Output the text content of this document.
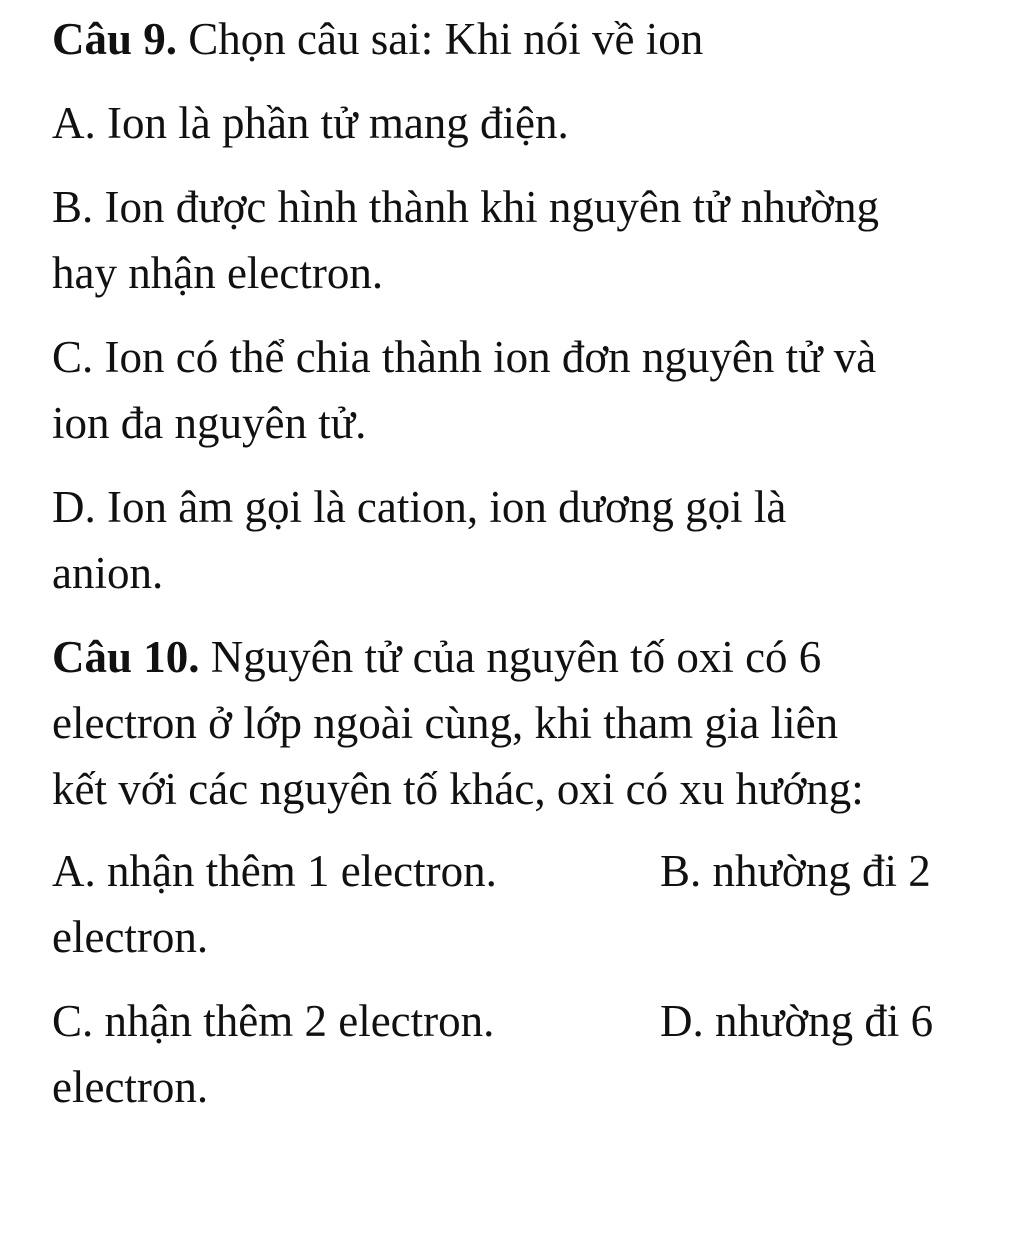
Câu 9. Chọn câu sai: Khi nói về ion
A. Ion là phần tử mang điện.
B. Ion được hình thành khi nguyên tử nhường
hay nhận electron.
C. Ion có thể chia thành ion đơn nguyên tử và
ion đa nguyên tử.
D. Ion âm gọi là cation, ion dương gọi là
anion.
Câu 10. Nguyên tử của nguyên tố oxi có 6
electron ở lớp ngoài cùng, khi tham gia liên
kết với các nguyên tố khác, oxi có xu hướng:
A. nhận thêm 1 electron.	B. nhường đi 2
electron.
C. nhận thêm 2 electron.	D. nhường đi 6
electron.
